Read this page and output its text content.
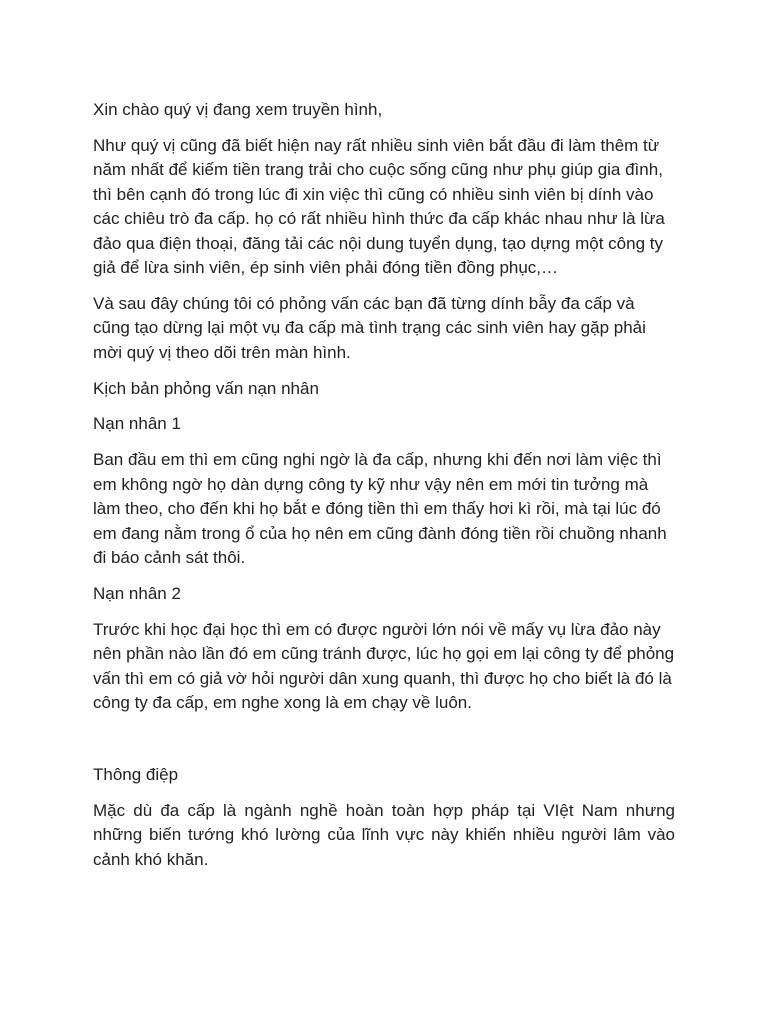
Xin chào quý vị đang xem truyền hình,

Như quý vị cũng đã biết hiện nay rất nhiều sinh viên bắt đầu đi làm thêm từ năm nhất để kiếm tiền trang trải cho cuộc sống cũng như phụ giúp gia đình, thì bên cạnh đó trong lúc đi xin việc thì cũng có nhiều sinh viên bị dính vào các chiêu trò đa cấp. họ có rất nhiều hình thức đa cấp khác nhau như là lừa đảo qua điện thoại, đăng tải các nội dung tuyển dụng, tạo dựng một công ty giả để lừa sinh viên, ép sinh viên phải đóng tiền đồng phục,…

Và sau đây chúng tôi có phỏng vấn các bạn đã từng dính bẫy đa cấp và cũng tạo dừng lại một vụ đa cấp mà tình trạng các sinh viên hay gặp phải mời quý vị theo dõi trên màn hình.

Kịch bản phỏng vấn nạn nhân

Nạn nhân 1

Ban đầu em thì em cũng nghi ngờ là đa cấp, nhưng khi đến nơi làm việc thì em không ngờ họ dàn dựng công ty kỹ như vậy nên em mới tin tưởng mà làm theo, cho đến khi họ bắt e đóng tiền thì em thấy hơi kì rồi, mà tại lúc đó em đang nằm trong ổ của họ nên em cũng đành đóng tiền rồi chuồng nhanh đi báo cảnh sát thôi.

Nạn nhân 2

Trước khi học đại học thì em có được người lớn nói về mấy vụ lừa đảo này nên phần nào lần đó em cũng tránh được, lúc họ gọi em lại công ty để phỏng vấn thì em có giả vờ hỏi người dân xung quanh, thì được họ cho biết là đó là công ty đa cấp, em nghe xong là em chạy về luôn.

Thông điệp

Mặc dù đa cấp là ngành nghề hoàn toàn hợp pháp tại VIệt Nam nhưng những biến tướng khó lường của lĩnh vực này khiến nhiều người lâm vào cảnh khó khăn.
